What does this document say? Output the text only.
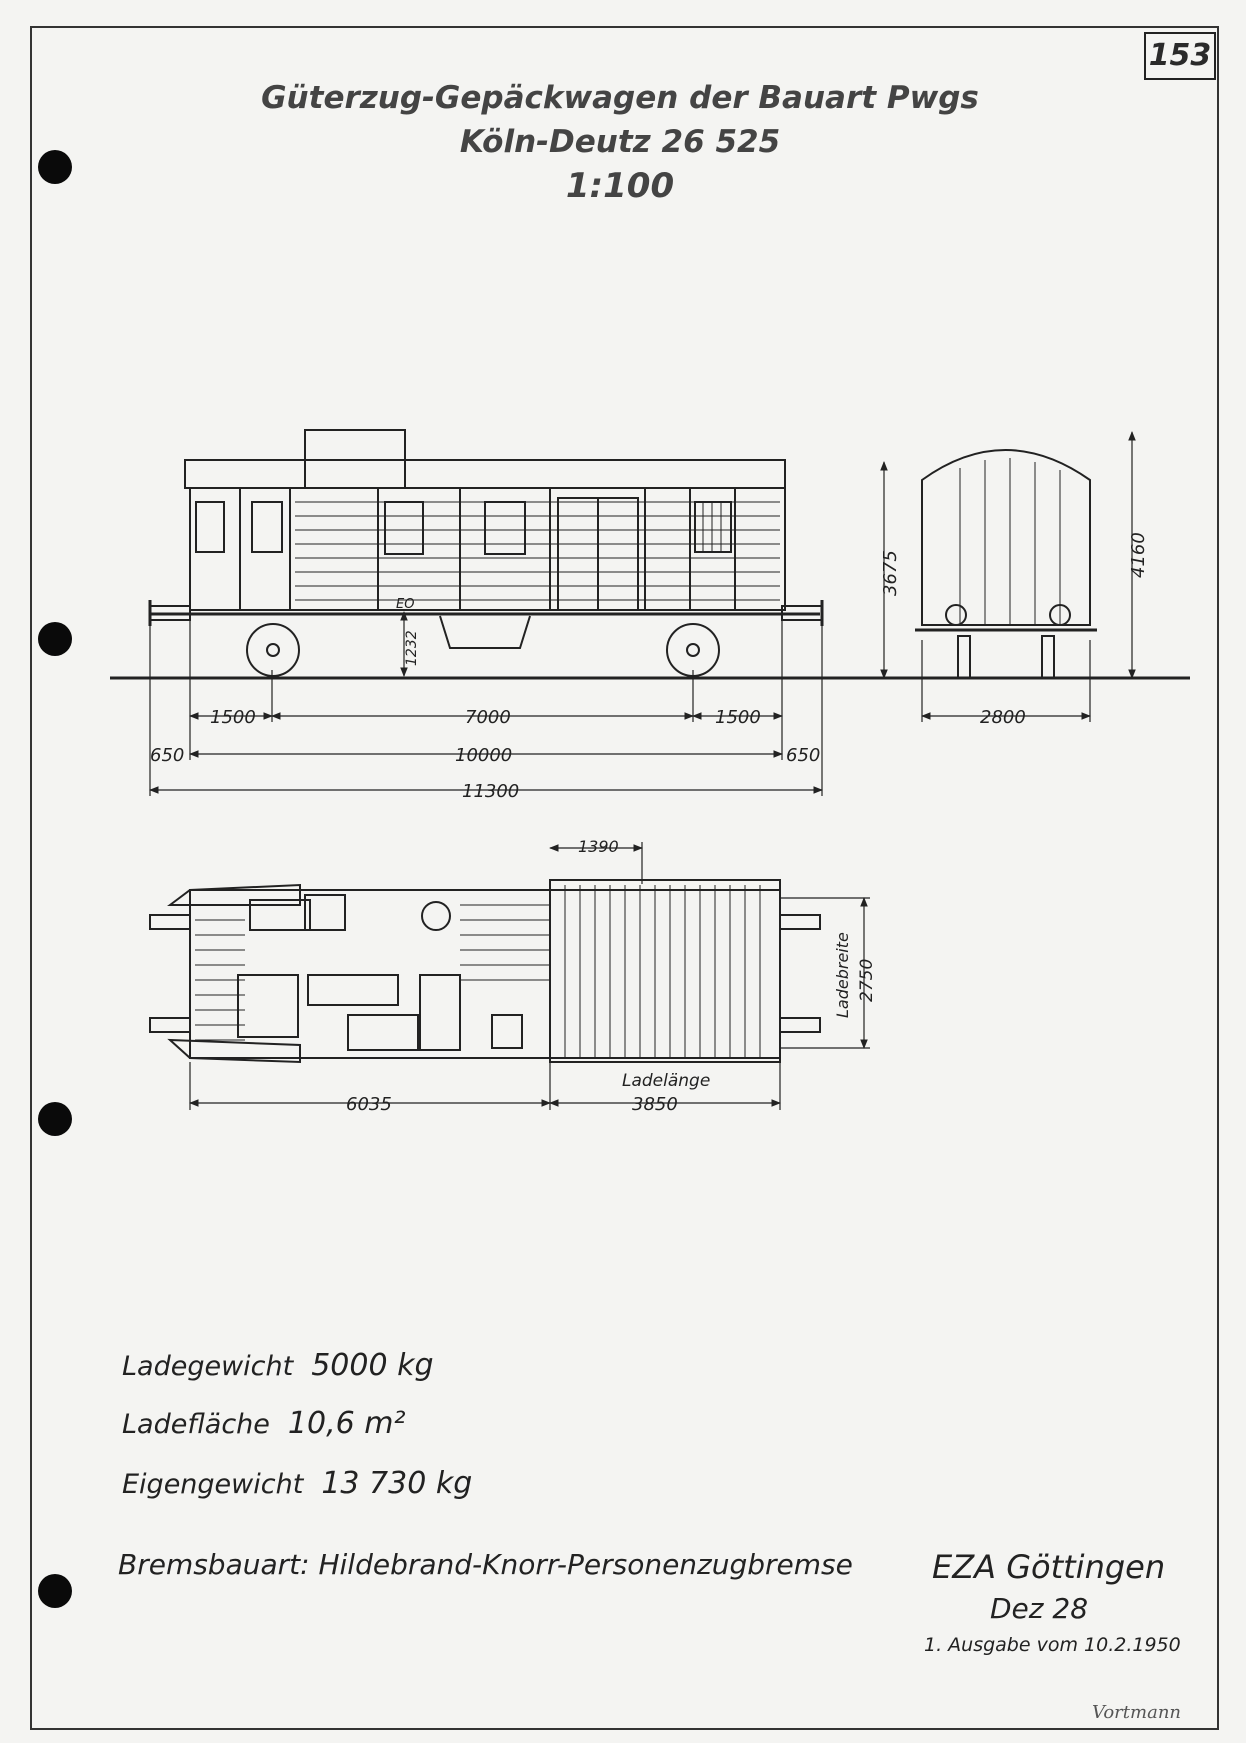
153
Güterzug-Gepäckwagen der Bauart Pwgs
Köln-Deutz 26 525
1:100
1500	7000	1500
650	10000	650
11300
EO
1232
3675	4160
2800
1390
6035
Ladelänge
3850
Ladebreite 2750
Ladegewicht 5000 kg
Ladefläche 10,6 m²
Eigengewicht 13 730 kg
Bremsbauart: Hildebrand-Knorr-Personenzugbremse EZA Göttingen
Dez 28
1. Ausgabe vom 10.2.1950
Vortmann
